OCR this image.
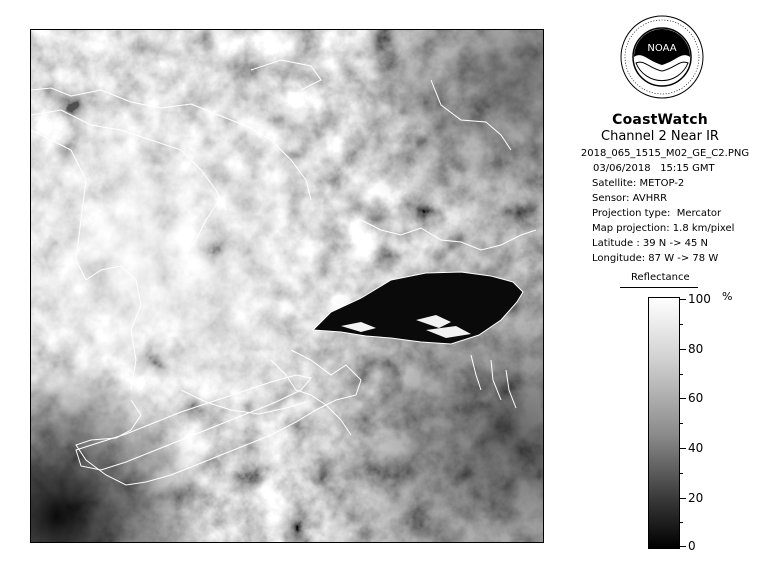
NOAA
CoastWatch
Channel 2 Near IR
2018_065_1515_M02_GE_C2.PNG
03/06/2018 15:15 GMT
Satellite: METOP-2
Sensor: AVHRR
Projection type: Mercator
Map projection: 1.8 km/pixel
Latitude : 39 N -> 45 N
Longitude: 87 W -> 78 W
Reflectance
%
100
80
60
40
20
0
